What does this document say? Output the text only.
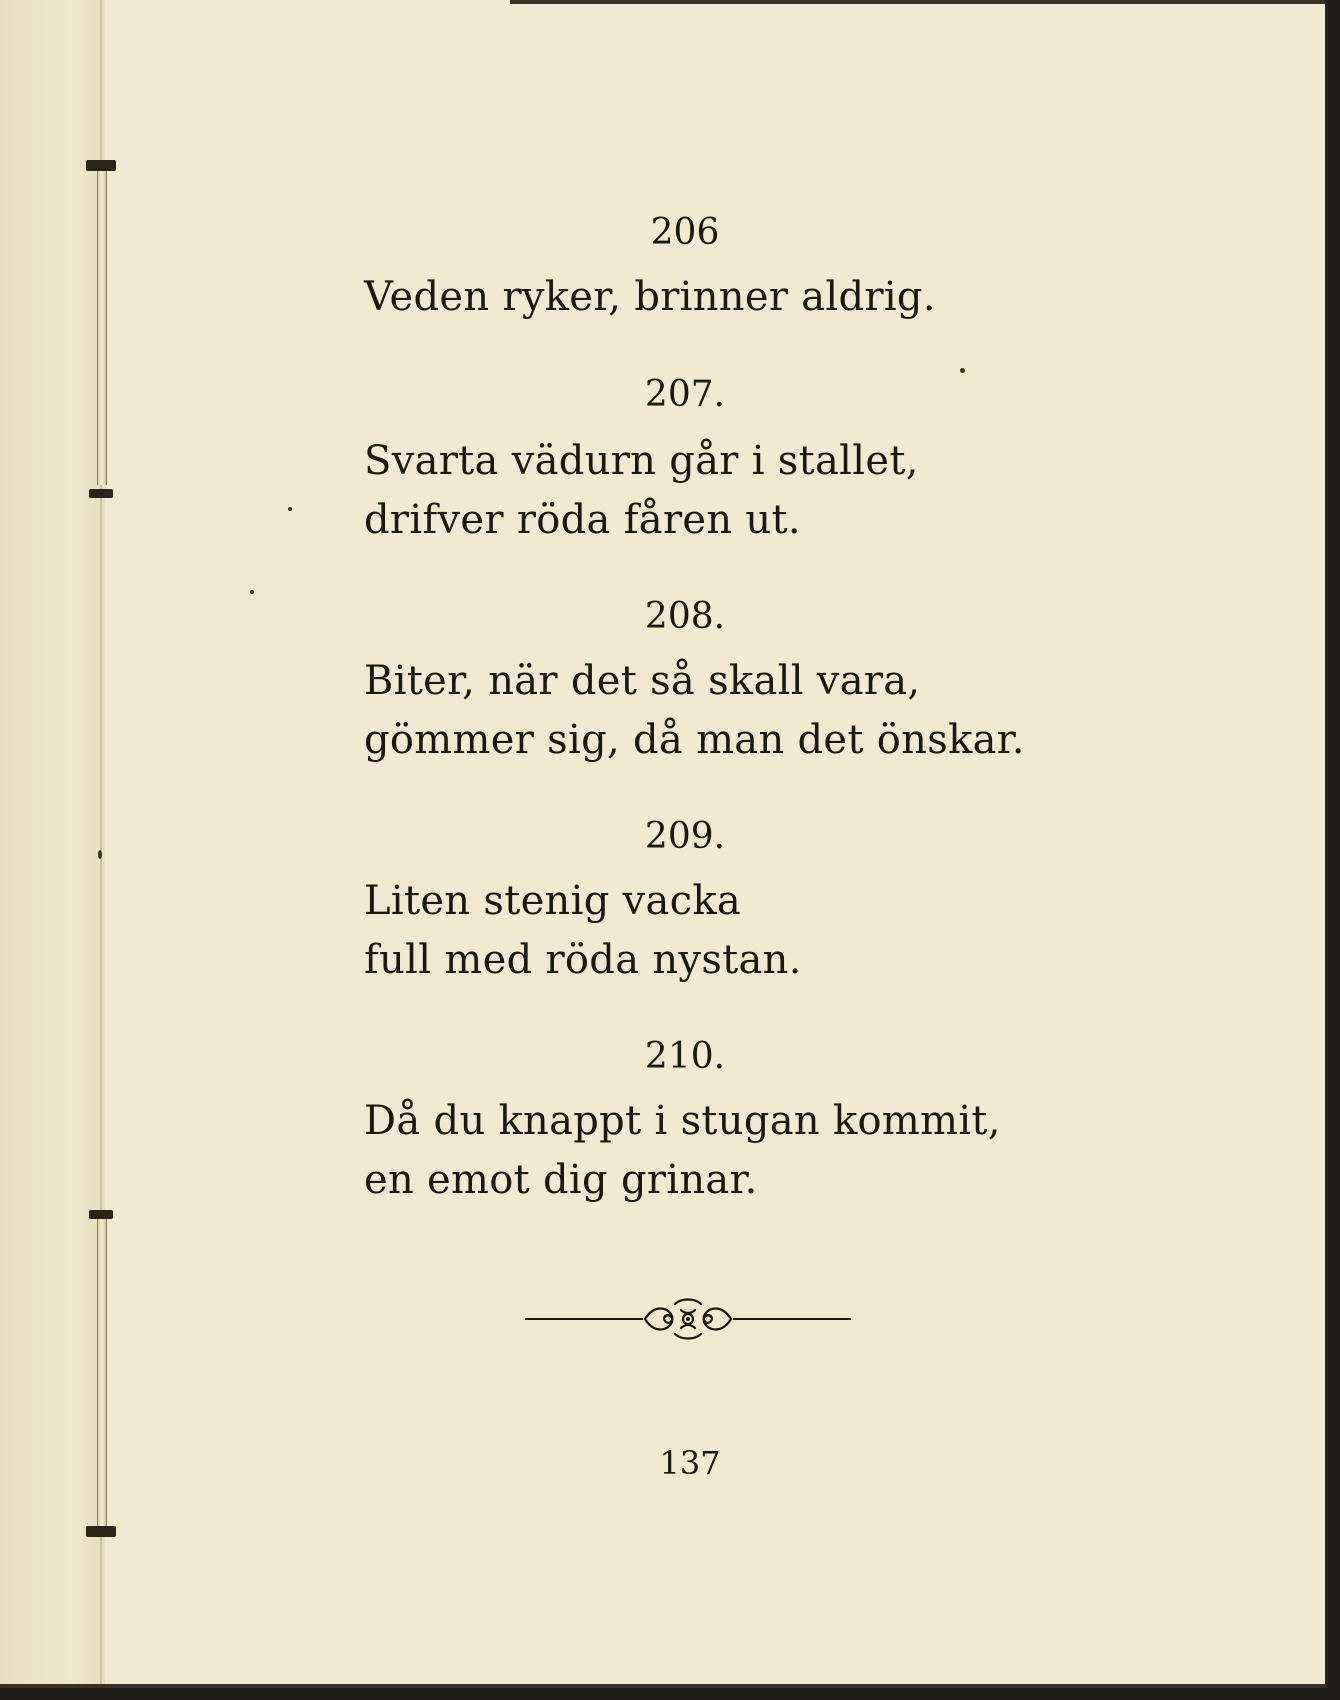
206
Veden ryker, brinner aldrig.
207.
Svarta vädurn går i stallet,
drifver röda fåren ut.
208.
Biter, när det så skall vara,
gömmer sig, då man det önskar.
209.
Liten stenig vacka
full med röda nystan.
210.
Då du knappt i stugan kommit,
en emot dig grinar.
137
